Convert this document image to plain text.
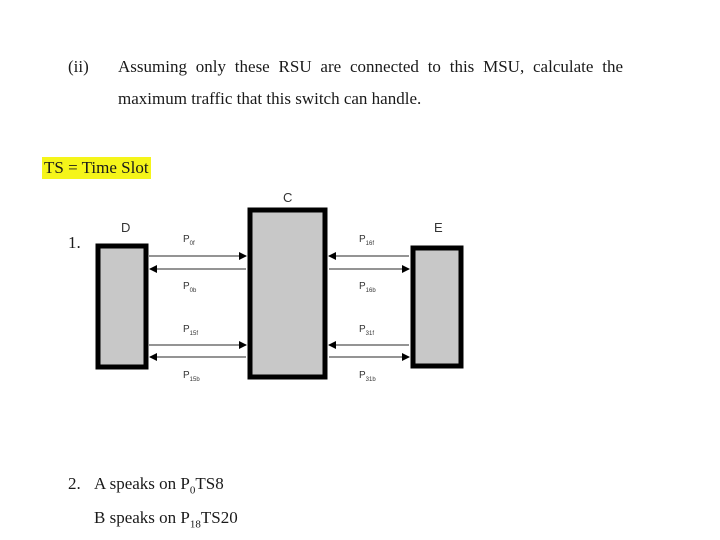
(ii) Assuming only these RSU are connected to this MSU, calculate the
maximum traffic that this switch can handle.
TS = Time Slot
1.
D
C
E
$P_{0f}$
$P_{0b}$
$P_{15f}$
$P_{15b}$
$P_{16f}$
$P_{16b}$
$P_{31f}$
$P_{31b}$
2. A speaks on $P_0TS8$
B speaks on $P_{18}TS20$
